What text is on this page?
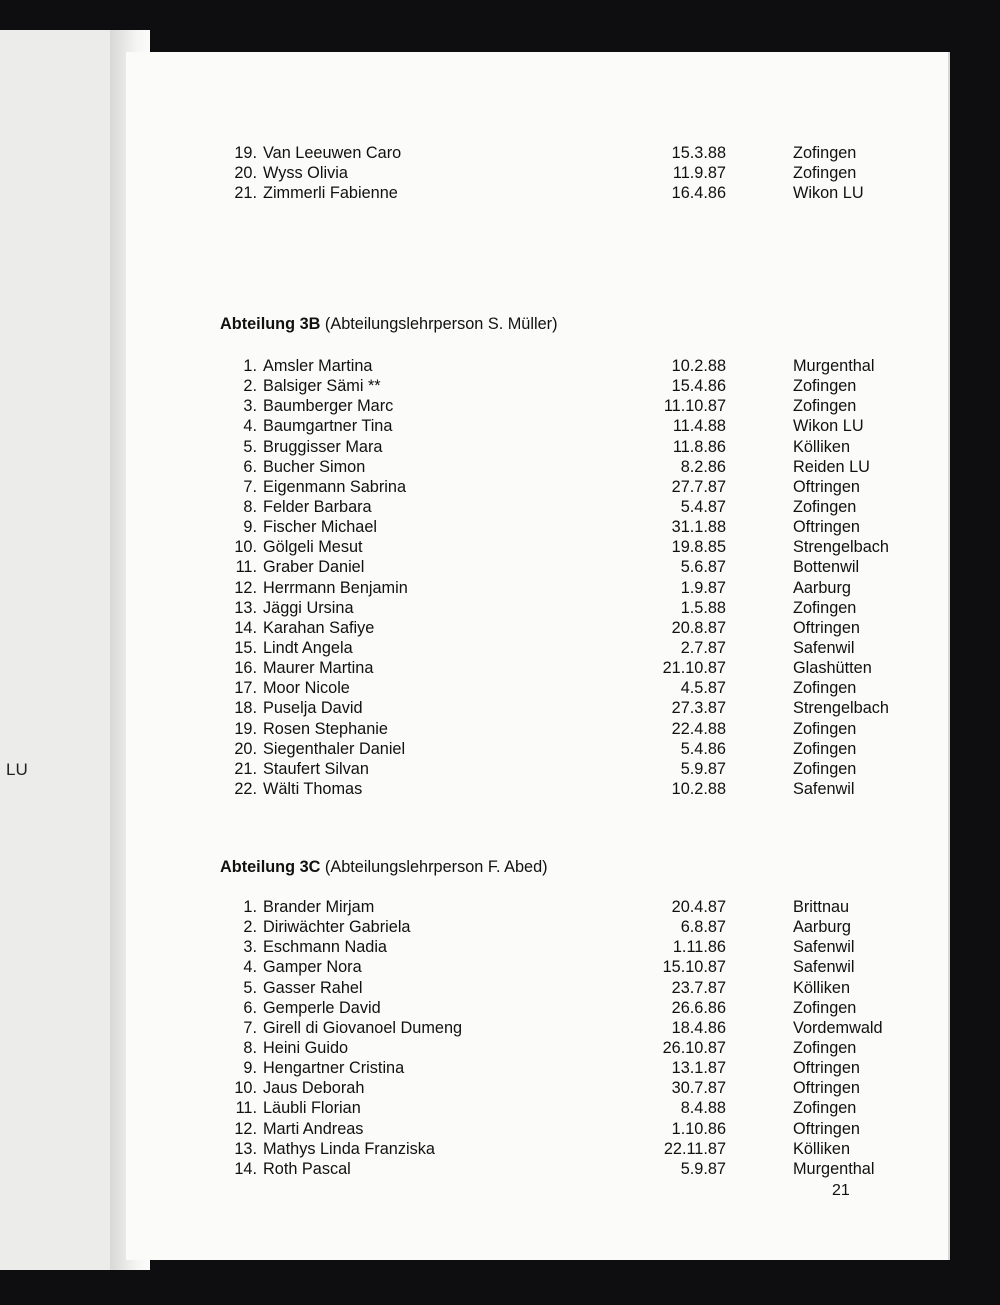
LU
19. Van Leeuwen Caro	15.3.88	Zofingen
20. Wyss Olivia	11.9.87	Zofingen
21. Zimmerli Fabienne	16.4.86	Wikon LU
Abteilung 3B (Abteilungslehrperson S. Müller)
1. Amsler Martina	10.2.88	Murgenthal
2. Balsiger Sämi **	15.4.86	Zofingen
3. Baumberger Marc	11.10.87	Zofingen
4. Baumgartner Tina	11.4.88	Wikon LU
5. Bruggisser Mara	11.8.86	Kölliken
6. Bucher Simon	8.2.86	Reiden LU
7. Eigenmann Sabrina	27.7.87	Oftringen
8. Felder Barbara	5.4.87	Zofingen
9. Fischer Michael	31.1.88	Oftringen
10. Gölgeli Mesut	19.8.85	Strengelbach
11. Graber Daniel	5.6.87	Bottenwil
12. Herrmann Benjamin	1.9.87	Aarburg
13. Jäggi Ursina	1.5.88	Zofingen
14. Karahan Safiye	20.8.87	Oftringen
15. Lindt Angela	2.7.87	Safenwil
16. Maurer Martina	21.10.87	Glashütten
17. Moor Nicole	4.5.87	Zofingen
18. Puselja David	27.3.87	Strengelbach
19. Rosen Stephanie	22.4.88	Zofingen
20. Siegenthaler Daniel	5.4.86	Zofingen
21. Staufert Silvan	5.9.87	Zofingen
22. Wälti Thomas	10.2.88	Safenwil
Abteilung 3C (Abteilungslehrperson F. Abed)
1. Brander Mirjam	20.4.87	Brittnau
2. Diriwächter Gabriela	6.8.87	Aarburg
3. Eschmann Nadia	1.11.86	Safenwil
4. Gamper Nora	15.10.87	Safenwil
5. Gasser Rahel	23.7.87	Kölliken
6. Gemperle David	26.6.86	Zofingen
7. Girell di Giovanoel Dumeng	18.4.86	Vordemwald
8. Heini Guido	26.10.87	Zofingen
9. Hengartner Cristina	13.1.87	Oftringen
10. Jaus Deborah	30.7.87	Oftringen
11. Läubli Florian	8.4.88	Zofingen
12. Marti Andreas	1.10.86	Oftringen
13. Mathys Linda Franziska	22.11.87	Kölliken
14. Roth Pascal	5.9.87	Murgenthal
21
